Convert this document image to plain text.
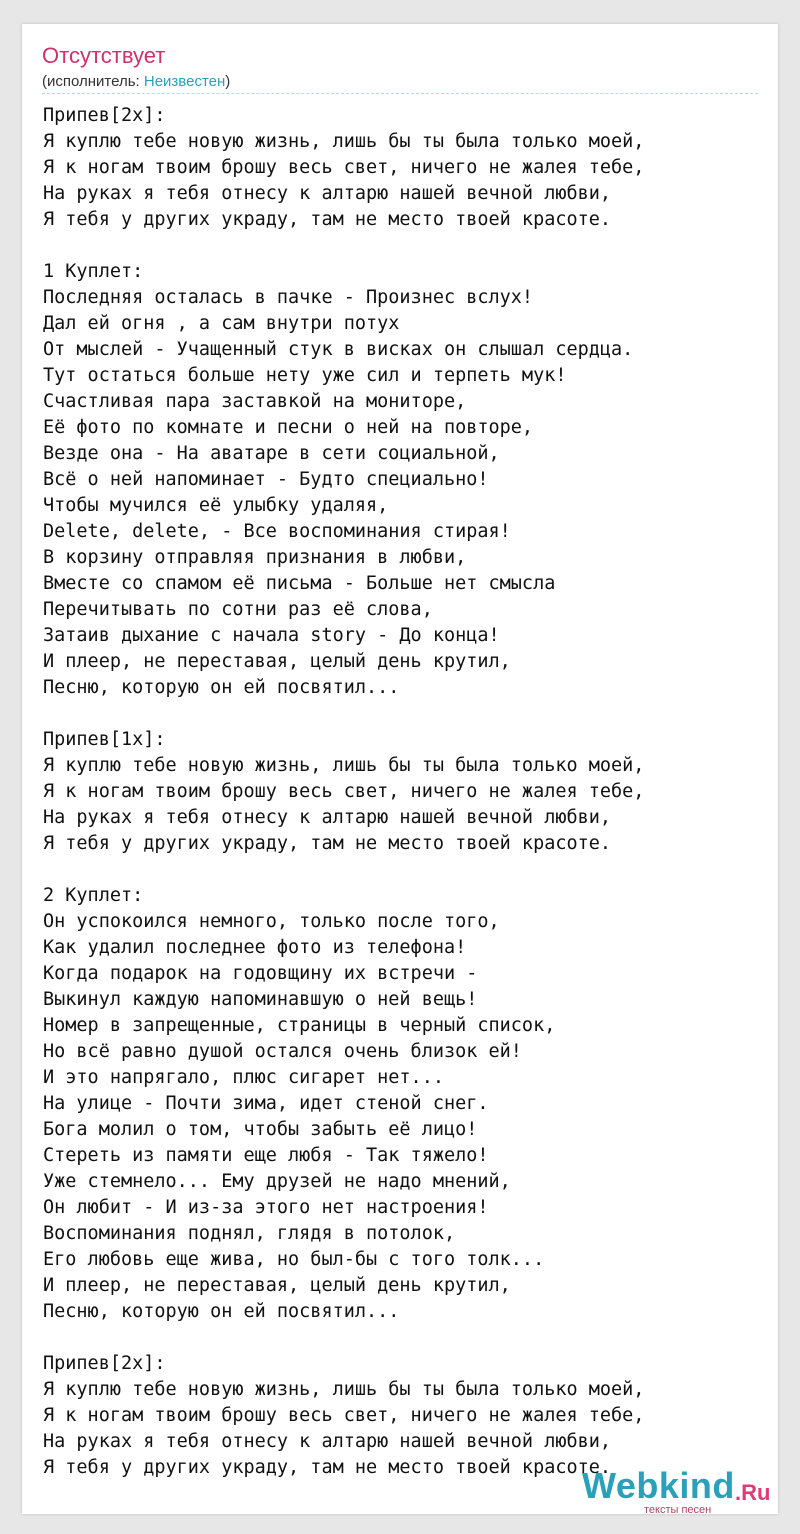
Отсутствует
(исполнитель: Неизвестен)
Припев[2x]:
Я куплю тебе новую жизнь, лишь бы ты была только моей,
Я к ногам твоим брошу весь свет, ничего не жалея тебе,
На руках я тебя отнесу к алтарю нашей вечной любви,
Я тебя у других украду, там не место твоей красоте.

1 Куплет:
Последняя осталась в пачке - Произнес вслух!
Дал ей огня , а сам внутри потух
От мыслей - Учащенный стук в висках он слышал сердца.
Тут остаться больше нету уже сил и терпеть мук!
Счастливая пара заставкой на мониторе,
Её фото по комнате и песни о ней на повторе,
Везде она - На аватаре в сети социальной,
Всё о ней напоминает - Будто специально!
Чтобы мучился её улыбку удаляя,
Delete, delete, - Все воспоминания стирая!
В корзину отправляя признания в любви,
Вместе со спамом её письма - Больше нет смысла
Перечитывать по сотни раз её слова,
Затаив дыхание с начала story - До конца!
И плеер, не переставая, целый день крутил,
Песню, которую он ей посвятил...

Припев[1x]:
Я куплю тебе новую жизнь, лишь бы ты была только моей,
Я к ногам твоим брошу весь свет, ничего не жалея тебе,
На руках я тебя отнесу к алтарю нашей вечной любви,
Я тебя у других украду, там не место твоей красоте.

2 Куплет:
Он успокоился немного, только после того,
Как удалил последнее фото из телефона!
Когда подарок на годовщину их встречи -
Выкинул каждую напоминавшую о ней вещь!
Номер в запрещенные, страницы в черный список,
Но всё равно душой остался очень близок ей!
И это напрягало, плюс сигарет нет...
На улице - Почти зима, идет стеной снег.
Бога молил о том, чтобы забыть её лицо!
Стереть из памяти еще любя - Так тяжело!
Уже стемнело... Ему друзей не надо мнений,
Он любит - И из-за этого нет настроения!
Воспоминания поднял, глядя в потолок,
Его любовь еще жива, но был-бы с того толк...
И плеер, не переставая, целый день крутил,
Песню, которую он ей посвятил...

Припев[2x]:
Я куплю тебе новую жизнь, лишь бы ты была только моей,
Я к ногам твоим брошу весь свет, ничего не жалея тебе,
На руках я тебя отнесу к алтарю нашей вечной любви,
Я тебя у других украду, там не место твоей красоте.
Webkind .Ru
тексты песен
